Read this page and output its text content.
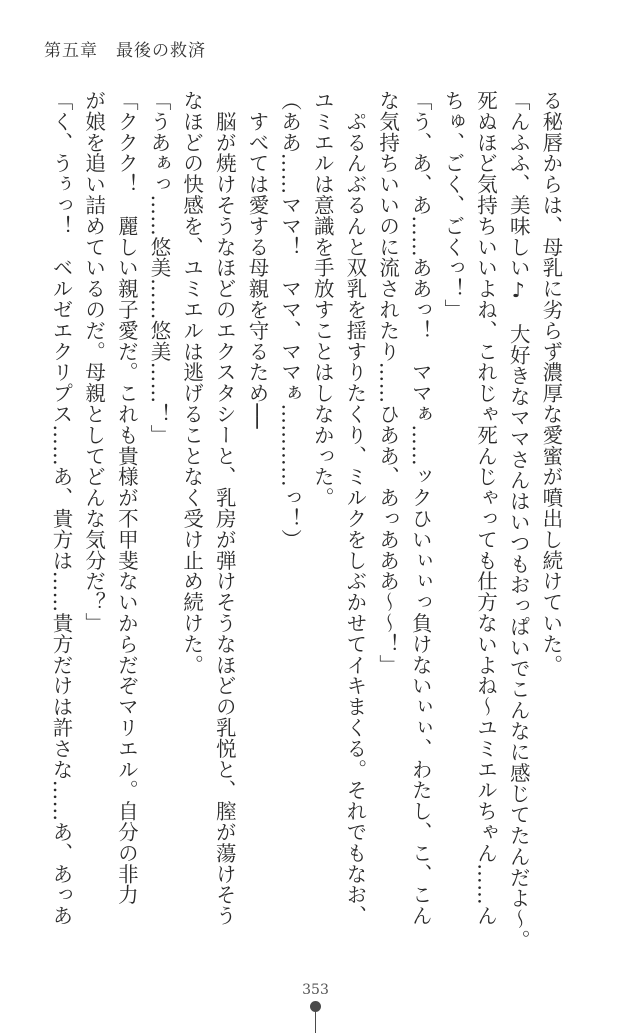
第五章　最後の救済
る秘唇からは、母乳に劣らず濃厚な愛蜜が噴出し続けていた。
「んふふ、美味しい♪　大好きなママさんはいつもおっぱいでこんなに感じてたんだよ～。
死ぬほど気持ちいいよね、これじゃ死んじゃっても仕方ないよね～ユミエルちゃん……ん
ちゅ、ごく、ごくっ！」
「う、あ、あ……ああっ！　ママぁ……ックひいぃぃっ負けないぃぃ、わたし、こ、こん
な気持ちいいのに流されたり……ひああ、あっあああ～～！」
　ぷるんぶるんと双乳を揺すりたくり、ミルクをしぶかせてイキまくる。それでもなお、
ユミエルは意識を手放すことはしなかった。
（ああ……ママ！　ママ、ママぁ…………っ！）
　すべては愛する母親を守るため──
　脳が焼けそうなほどのエクスタシーと、乳房が弾けそうなほどの乳悦と、膣が蕩けそう
なほどの快感を、ユミエルは逃げることなく受け止め続けた。
「うあぁっ……悠美……悠美……！」
「ククク！　麗しい親子愛だ。これも貴様が不甲斐ないからだぞマリエル。自分の非力
が娘を追い詰めているのだ。母親としてどんな気分だ？」
「く、うぅっ！　ベルゼエクリプス……あ、貴方は……貴方だけは許さな……あ、あっあ
353
